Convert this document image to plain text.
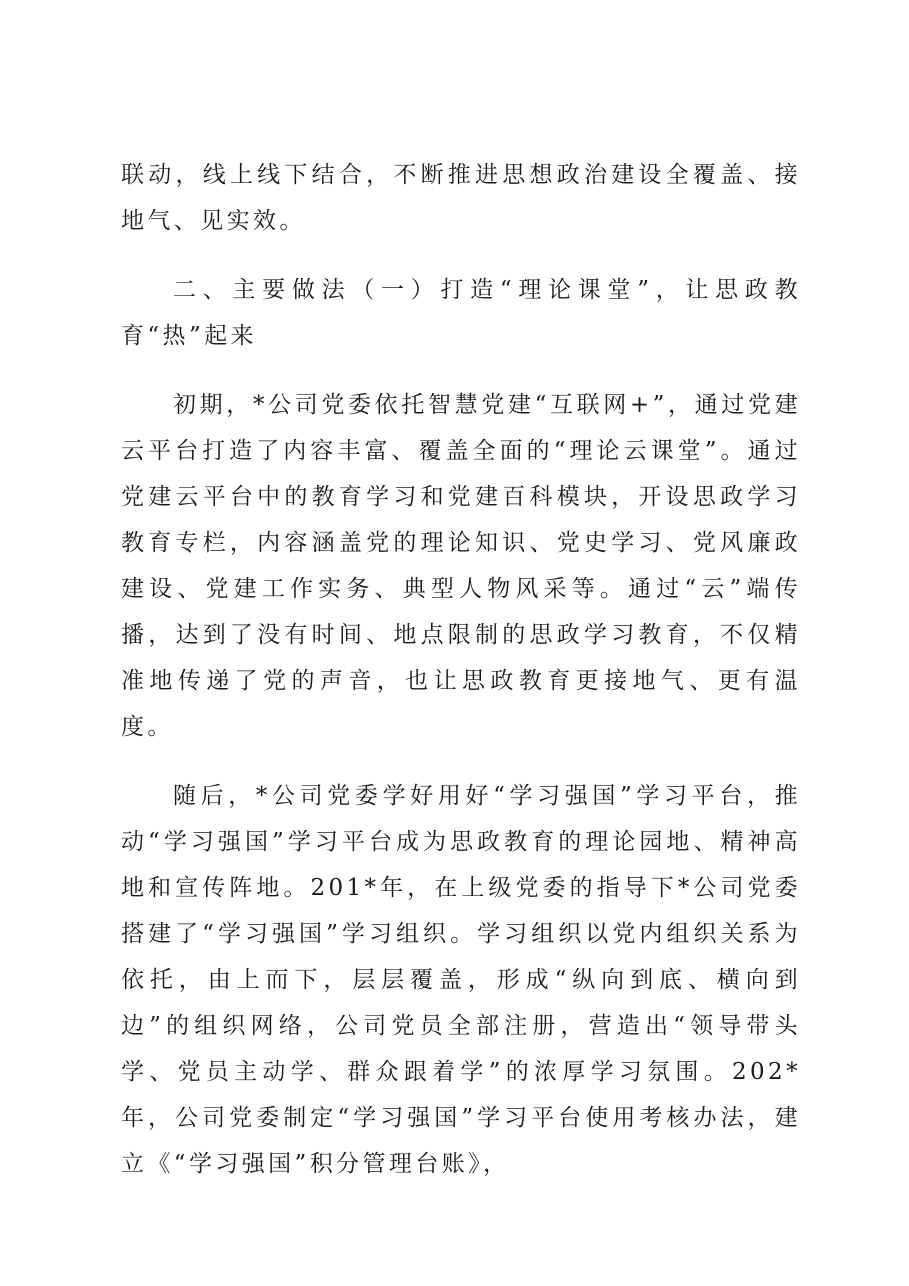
联动，线上线下结合，不断推进思想政治建设全覆盖、接地气、见实效。

二、主要做法（一）打造“理论课堂”，让思政教育“热”起来

初期，*公司党委依托智慧党建“互联网+”，通过党建云平台打造了内容丰富、覆盖全面的“理论云课堂”。通过党建云平台中的教育学习和党建百科模块，开设思政学习教育专栏，内容涵盖党的理论知识、党史学习、党风廉政建设、党建工作实务、典型人物风采等。通过“云”端传播，达到了没有时间、地点限制的思政学习教育，不仅精准地传递了党的声音，也让思政教育更接地气、更有温度。

随后，*公司党委学好用好“学习强国”学习平台，推动“学习强国”学习平台成为思政教育的理论园地、精神高地和宣传阵地。201*年，在上级党委的指导下*公司党委搭建了“学习强国”学习组织。学习组织以党内组织关系为依托，由上而下，层层覆盖，形成“纵向到底、横向到边”的组织网络，公司党员全部注册，营造出“领导带头学、党员主动学、群众跟着学”的浓厚学习氛围。202*年，公司党委制定“学习强国”学习平台使用考核办法，建立《“学习强国”积分管理台账》，
